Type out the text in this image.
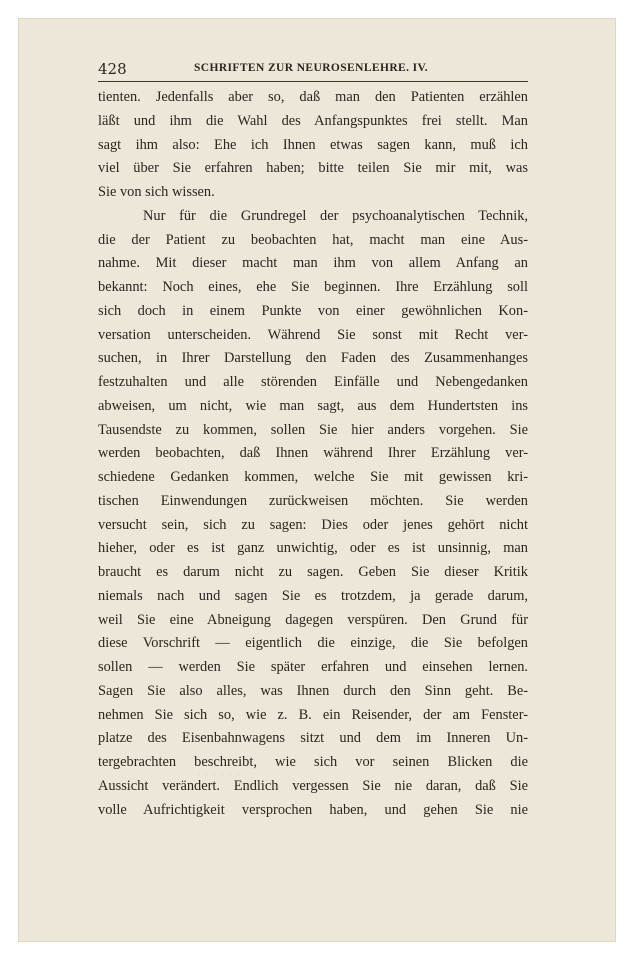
428	SCHRIFTEN ZUR NEUROSENLEHRE. IV.
tienten. Jedenfalls aber so, daß man den Patienten erzählen
läßt und ihm die Wahl des Anfangspunktes frei stellt. Man
sagt ihm also: Ehe ich Ihnen etwas sagen kann, muß ich
viel über Sie erfahren haben; bitte teilen Sie mir mit, was
Sie von sich wissen.
Nur für die Grundregel der psychoanalytischen Technik,
die der Patient zu beobachten hat, macht man eine Aus-
nahme. Mit dieser macht man ihm von allem Anfang an
bekannt: Noch eines, ehe Sie beginnen. Ihre Erzählung soll
sich doch in einem Punkte von einer gewöhnlichen Kon-
versation unterscheiden. Während Sie sonst mit Recht ver-
suchen, in Ihrer Darstellung den Faden des Zusammenhanges
festzuhalten und alle störenden Einfälle und Nebengedanken
abweisen, um nicht, wie man sagt, aus dem Hundertsten ins
Tausendste zu kommen, sollen Sie hier anders vorgehen. Sie
werden beobachten, daß Ihnen während Ihrer Erzählung ver-
schiedene Gedanken kommen, welche Sie mit gewissen kri-
tischen Einwendungen zurückweisen möchten. Sie werden
versucht sein, sich zu sagen: Dies oder jenes gehört nicht
hieher, oder es ist ganz unwichtig, oder es ist unsinnig, man
braucht es darum nicht zu sagen. Geben Sie dieser Kritik
niemals nach und sagen Sie es trotzdem, ja gerade darum,
weil Sie eine Abneigung dagegen verspüren. Den Grund für
diese Vorschrift — eigentlich die einzige, die Sie befolgen
sollen — werden Sie später erfahren und einsehen lernen.
Sagen Sie also alles, was Ihnen durch den Sinn geht. Be-
nehmen Sie sich so, wie z. B. ein Reisender, der am Fenster-
platze des Eisenbahnwagens sitzt und dem im Inneren Un-
tergebrachten beschreibt, wie sich vor seinen Blicken die
Aussicht verändert. Endlich vergessen Sie nie daran, daß Sie
volle Aufrichtigkeit versprochen haben, und gehen Sie nie
· · · · · ·
